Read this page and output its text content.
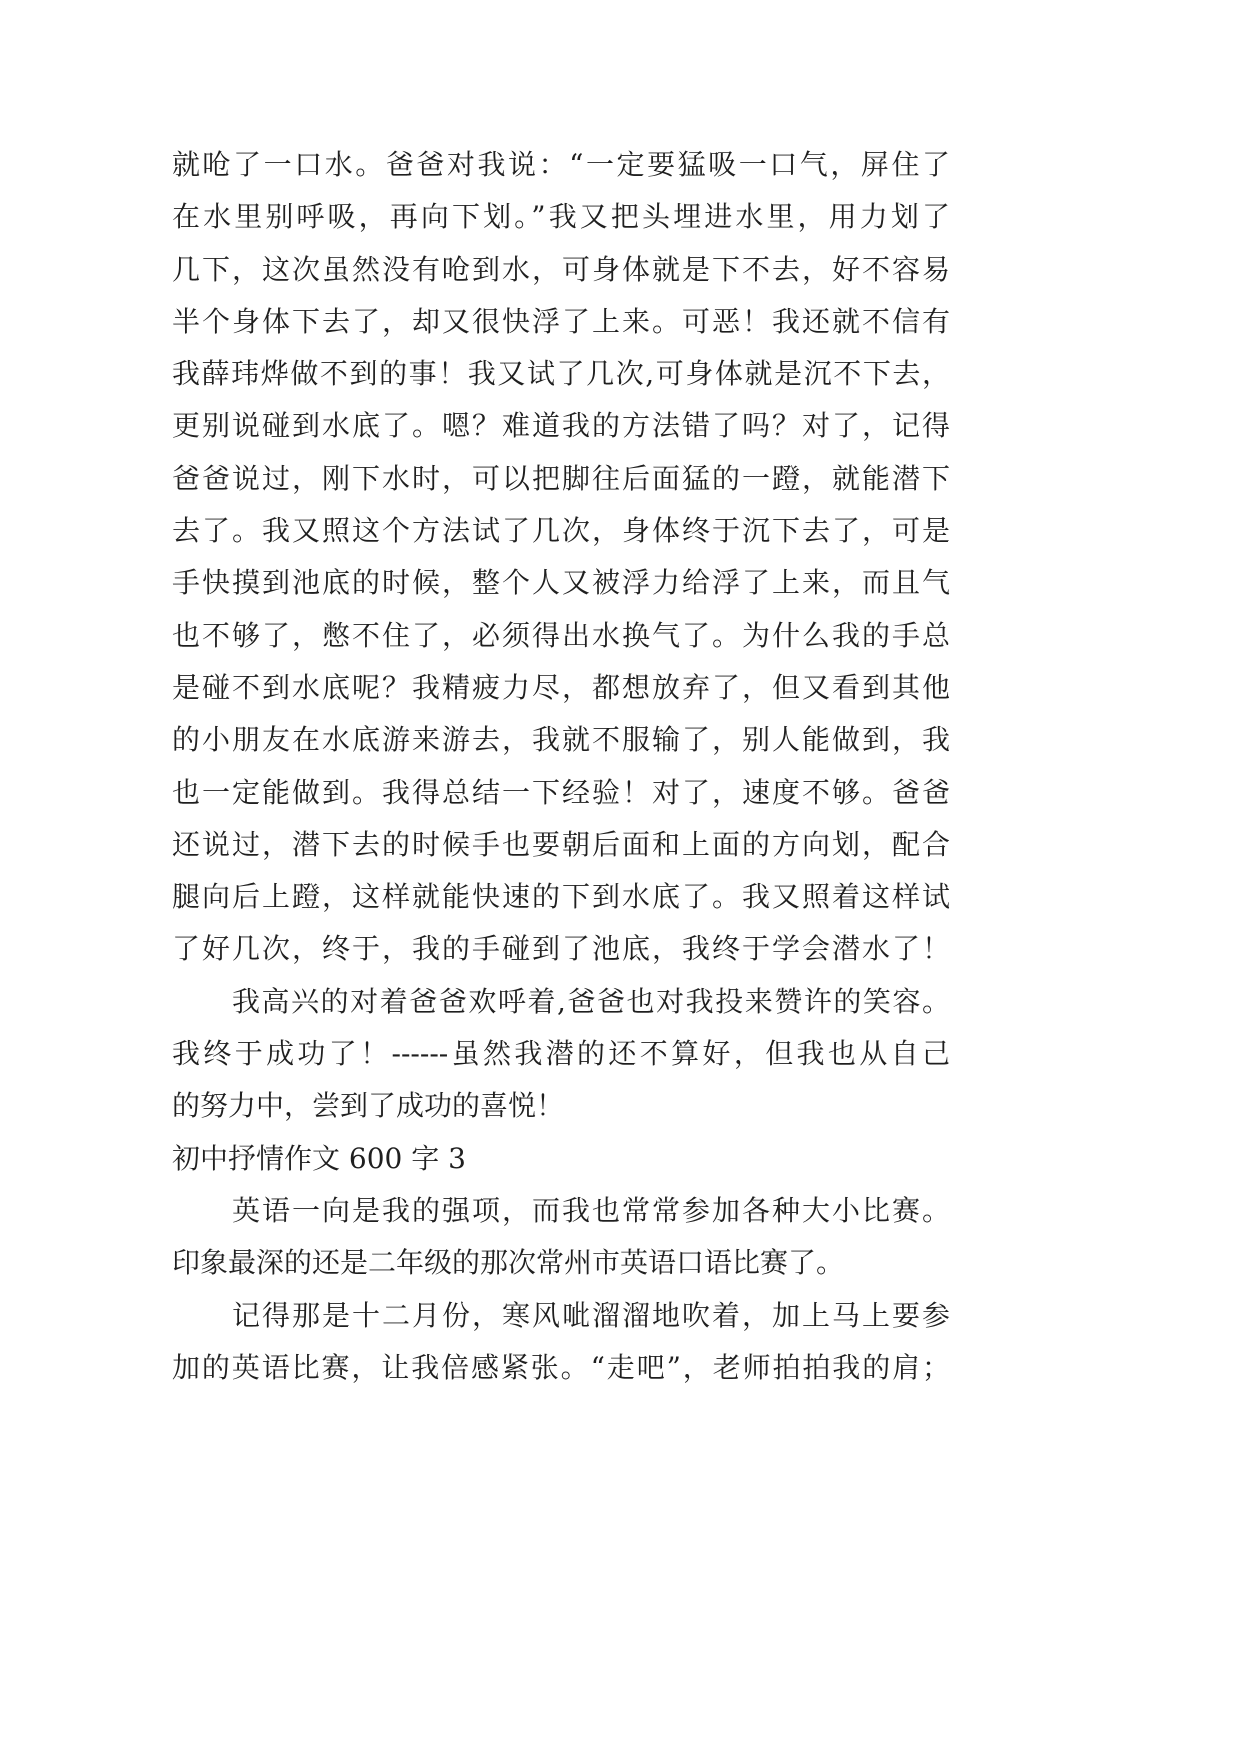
就呛了一口水。爸爸对我说：“一定要猛吸一口气，屏住了
在水里别呼吸，再向下划。”我又把头埋进水里，用力划了
几下，这次虽然没有呛到水，可身体就是下不去，好不容易
半个身体下去了，却又很快浮了上来。可恶！我还就不信有
我薛玮烨做不到的事！我又试了几次,可身体就是沉不下去，
更别说碰到水底了。嗯？难道我的方法错了吗？对了，记得
爸爸说过，刚下水时，可以把脚往后面猛的一蹬，就能潜下
去了。我又照这个方法试了几次，身体终于沉下去了，可是
手快摸到池底的时候，整个人又被浮力给浮了上来，而且气
也不够了，憋不住了，必须得出水换气了。为什么我的手总
是碰不到水底呢？我精疲力尽，都想放弃了，但又看到其他
的小朋友在水底游来游去，我就不服输了，别人能做到，我
也一定能做到。我得总结一下经验！对了，速度不够。爸爸
还说过，潜下去的时候手也要朝后面和上面的方向划，配合
腿向后上蹬，这样就能快速的下到水底了。我又照着这样试
了好几次，终于，我的手碰到了池底，我终于学会潜水了！
我高兴的对着爸爸欢呼着,爸爸也对我投来赞许的笑容。
我终于成功了！------虽然我潜的还不算好，但我也从自己
的努力中，尝到了成功的喜悦！
初中抒情作文 600 字 3
英语一向是我的强项，而我也常常参加各种大小比赛。
印象最深的还是二年级的那次常州市英语口语比赛了。
记得那是十二月份，寒风呲溜溜地吹着，加上马上要参
加的英语比赛，让我倍感紧张。“走吧”，老师拍拍我的肩；
